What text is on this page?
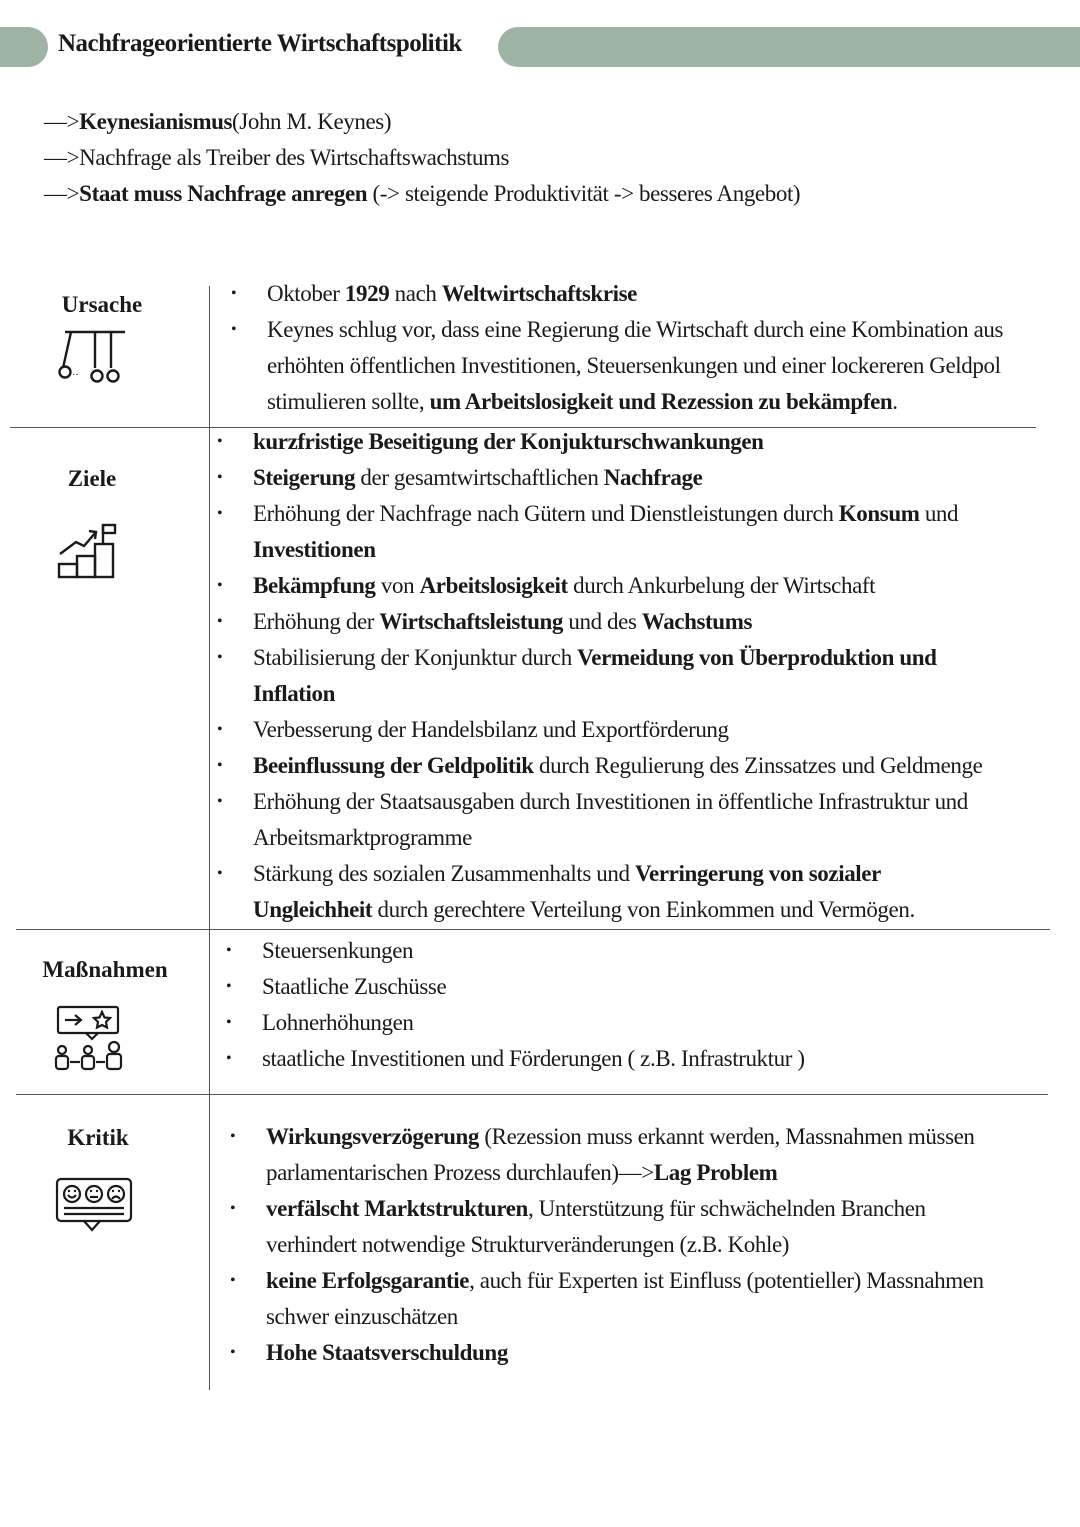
Nachfrageorientierte Wirtschaftspolitik
—>Keynesianismus(John M. Keynes)
—>Nachfrage als Treiber des Wirtschaftswachstums
—>Staat muss Nachfrage anregen (-> steigende Produktivität -> besseres Angebot)
Ursache
··
• Oktober 1929 nach Weltwirtschaftskrise
• Keynes schlug vor, dass eine Regierung die Wirtschaft durch eine Kombination aus
erhöhten öffentlichen Investitionen, Steuersenkungen und einer lockereren Geldpol
stimulieren sollte, um Arbeitslosigkeit und Rezession zu bekämpfen.
Ziele
• kurzfristige Beseitigung der Konjukturschwankungen
• Steigerung der gesamtwirtschaftlichen Nachfrage
• Erhöhung der Nachfrage nach Gütern und Dienstleistungen durch Konsum und
Investitionen
• Bekämpfung von Arbeitslosigkeit durch Ankurbelung der Wirtschaft
• Erhöhung der Wirtschaftsleistung und des Wachstums
• Stabilisierung der Konjunktur durch Vermeidung von Überproduktion und
Inflation
• Verbesserung der Handelsbilanz und Exportförderung
• Beeinflussung der Geldpolitik durch Regulierung des Zinssatzes und Geldmenge
• Erhöhung der Staatsausgaben durch Investitionen in öffentliche Infrastruktur und
Arbeitsmarktprogramme
• Stärkung des sozialen Zusammenhalts und Verringerung von sozialer
Ungleichheit durch gerechtere Verteilung von Einkommen und Vermögen.
Maßnahmen
• Steuersenkungen
• Staatliche Zuschüsse
• Lohnerhöhungen
• staatliche Investitionen und Förderungen ( z.B. Infrastruktur )
Kritik
•	Wirkungsverzögerung (Rezession muss erkannt werden, Massnahmen müssen
parlamentarischen Prozess durchlaufen)—>Lag Problem
• verfälscht Marktstrukturen, Unterstützung für schwächelnden Branchen
verhindert notwendige Strukturveränderungen (z.B. Kohle)
• keine Erfolgsgarantie, auch für Experten ist Einfluss (potentieller) Massnahmen
schwer einzuschätzen
• Hohe Staatsverschuldung
